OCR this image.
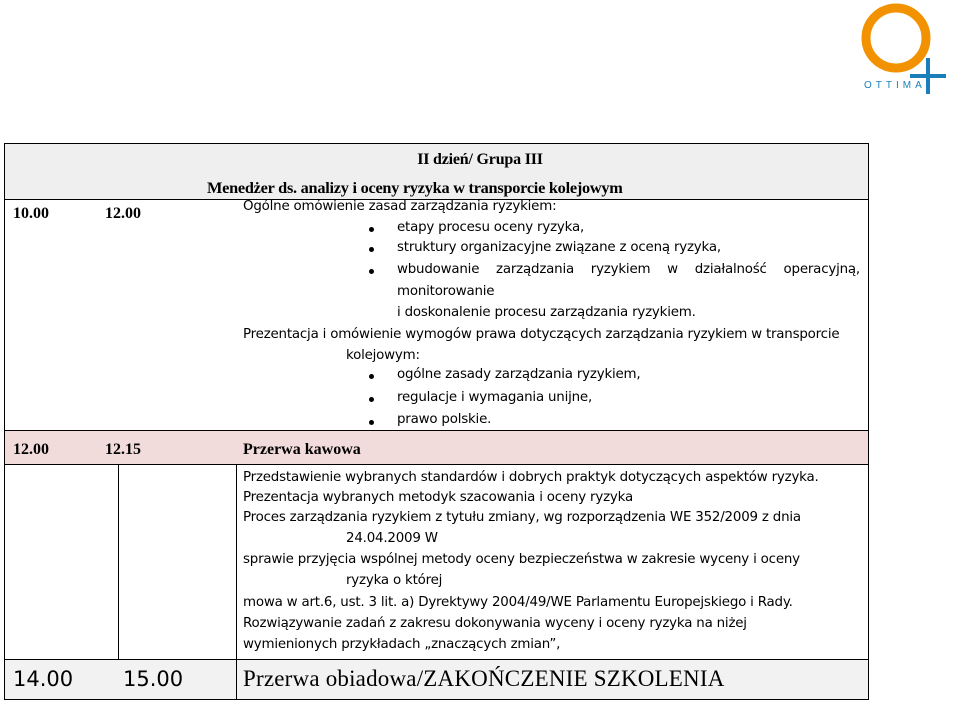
OTTIMA
II dzień/ Grupa III
Menedżer ds. analizy i oceny ryzyka w transporcie kolejowym
10.00	12.00	Ogólne omówienie zasad zarządzania ryzykiem:
etapy procesu oceny ryzyka,
struktury organizacyjne związane z oceną ryzyka,
wbudowanie zarządzania ryzykiem w działalność operacyjną,
monitorowanie
i doskonalenie procesu zarządzania ryzykiem.
Prezentacja i omówienie wymogów prawa dotyczących zarządzania ryzykiem w transporcie
kolejowym:
ogólne zasady zarządzania ryzykiem,
regulacje i wymagania unijne,
prawo polskie.
12.00	12.15	Przerwa kawowa
Przedstawienie wybranych standardów i dobrych praktyk dotyczących aspektów ryzyka.
Prezentacja wybranych metodyk szacowania i oceny ryzyka
Proces zarządzania ryzykiem z tytułu zmiany, wg rozporządzenia WE 352/2009 z dnia
24.04.2009 W
sprawie przyjęcia wspólnej metody oceny bezpieczeństwa w zakresie wyceny i oceny
ryzyka o której
mowa w art.6, ust. 3 lit. a) Dyrektywy 2004/49/WE Parlamentu Europejskiego i Rady.
Rozwiązywanie zadań z zakresu dokonywania wyceny i oceny ryzyka na niżej
wymienionych przykładach „znaczących zmian”,
14.00 15.00	Przerwa obiadowa/ZAKOŃCZENIE SZKOLENIA
